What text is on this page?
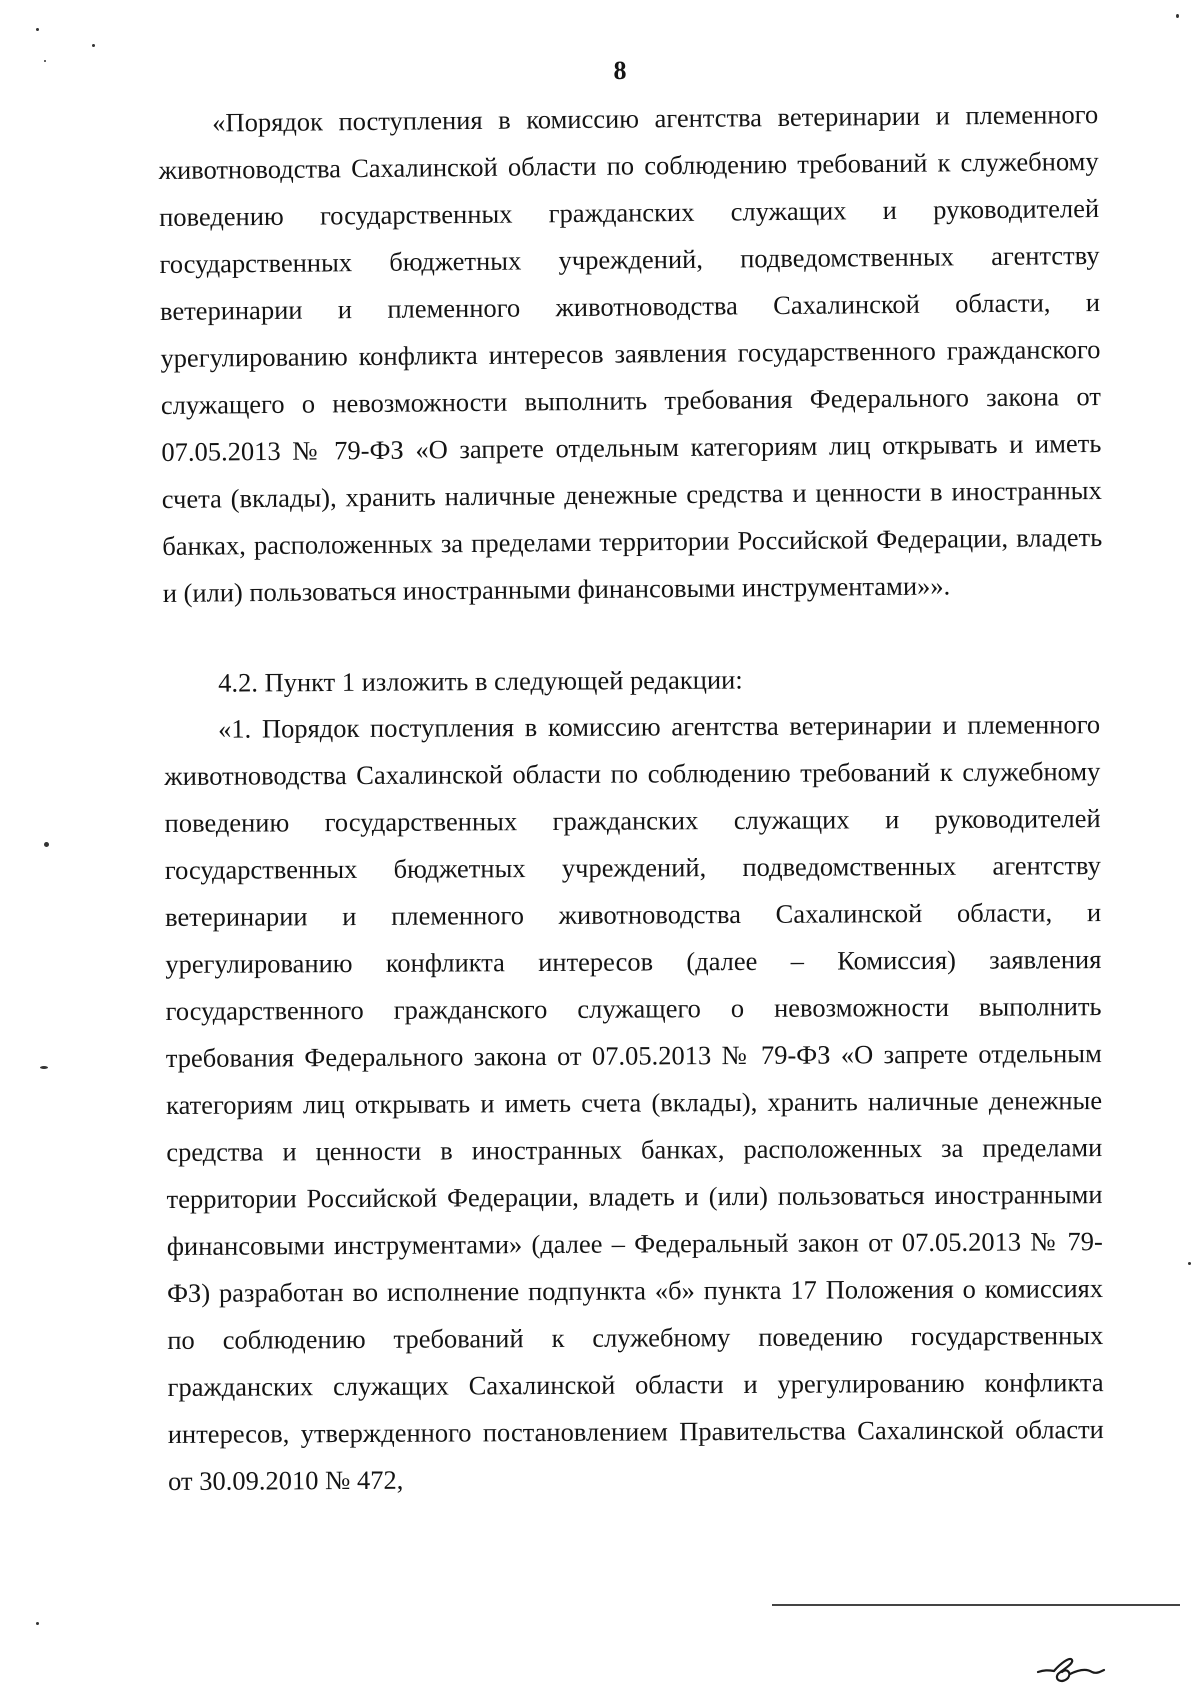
8

«Порядок поступления в комиссию агентства ветеринарии и племенного животноводства Сахалинской области по соблюдению требований к служебному поведению государственных гражданских служащих и руководителей государственных бюджетных учреждений, подведомственных агентству ветеринарии и племенного животноводства Сахалинской области, и урегулированию конфликта интересов заявления государственного гражданского служащего о невозможности выполнить требования Федерального закона от 07.05.2013 № 79-ФЗ «О запрете отдельным категориям лиц открывать и иметь счета (вклады), хранить наличные денежные средства и ценности в иностранных банках, расположенных за пределами территории Российской Федерации, владеть и (или) пользоваться иностранными финансовыми инструментами»».

4.2. Пункт 1 изложить в следующей редакции:

«1. Порядок поступления в комиссию агентства ветеринарии и племенного животноводства Сахалинской области по соблюдению требований к служебному поведению государственных гражданских служащих и руководителей государственных бюджетных учреждений, подведомственных агентству ветеринарии и племенного животноводства Сахалинской области, и урегулированию конфликта интересов (далее – Комиссия) заявления государственного гражданского служащего о невозможности выполнить требования Федерального закона от 07.05.2013 № 79-ФЗ «О запрете отдельным категориям лиц открывать и иметь счета (вклады), хранить наличные денежные средства и ценности в иностранных банках, расположенных за пределами территории Российской Федерации, владеть и (или) пользоваться иностранными финансовыми инструментами» (далее – Федеральный закон от 07.05.2013 № 79-ФЗ) разработан во исполнение подпункта «б» пункта 17 Положения о комиссиях по соблюдению требований к служебному поведению государственных гражданских служащих Сахалинской области и урегулированию конфликта интересов, утвержденного постановлением Правительства Сахалинской области от 30.09.2010 № 472,
